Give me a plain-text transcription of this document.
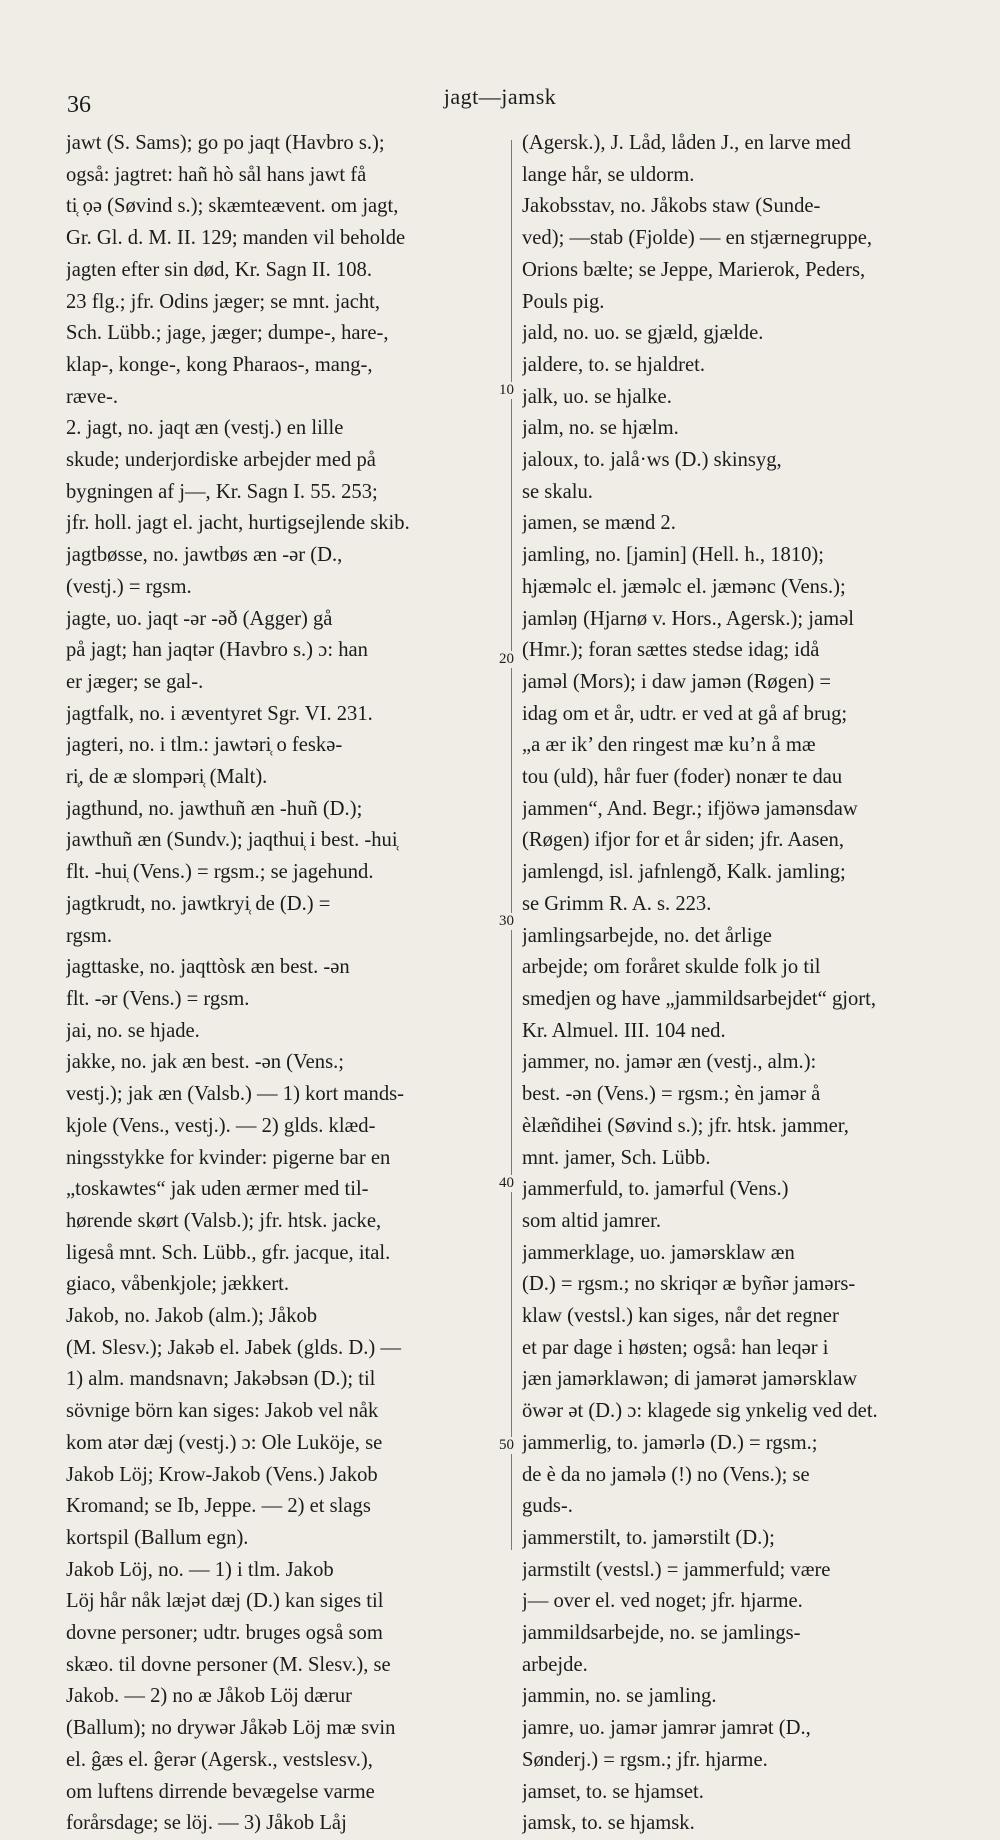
36	jagt—jamsk
10
20
30
40
50

jawt (S. Sams); go po jaqt (Havbro s.);

også: jagtret: hañ hò sål hans jawt få

ti̜ ọə (Søvind s.); skæmteævent. om jagt,

Gr. Gl. d. M. II. 129; manden vil beholde

jagten efter sin død, Kr. Sagn II. 108.

23 flg.; jfr. Odins jæger; se mnt. jacht,

Sch. Lübb.; jage, jæger; dumpe-, hare-,

klap-, konge-, kong Pharaos-, mang-,

ræve-.

2. jagt, no. jaqt æn (vestj.) en lille

skude; underjordiske arbejder med på

bygningen af j—, Kr. Sagn I. 55. 253;

jfr. holl. jagt el. jacht, hurtigsejlende skib.

jagtbøsse, no. jawtbøs æn -ər (D.,

(vestj.) = rgsm.

jagte, uo. jaqt -ər -əð (Agger) gå

på jagt; han jaqtər (Havbro s.) ɔ: han

er jæger; se gal-.

jagtfalk, no. i æventyret Sgr. VI. 231.

jagteri, no. i tlm.: jawtəri̜ o feskə-

ri̜, de æ slompəri̜ (Malt).

jagthund, no. jawthuñ æn -huñ (D.);

jawthuñ æn (Sundv.); jaqthui̜ i best. -hui̜

flt. -hui̜ (Vens.) = rgsm.; se jagehund.

jagtkrudt, no. jawtkryi̜ de (D.) =

rgsm.

jagttaske, no. jaqttòsk æn best. -ən

flt. -ər (Vens.) = rgsm.

jai, no. se hjade.

jakke, no. jak æn best. -ən (Vens.;

vestj.); jak æn (Valsb.) — 1) kort mands-

kjole (Vens., vestj.). — 2) glds. klæd-

ningsstykke for kvinder: pigerne bar en

„toskawtes“ jak uden ærmer med til-

hørende skørt (Valsb.); jfr. htsk. jacke,

ligeså mnt. Sch. Lübb., gfr. jacque, ital.

giaco, våbenkjole; jækkert.

Jakob, no. Jakob (alm.); Jåkob

(M. Slesv.); Jakəb el. Jabek (glds. D.) —

1) alm. mandsnavn; Jakəbsən (D.); til

sövnige börn kan siges: Jakob vel nåk

kom atər dæj (vestj.) ɔ: Ole Luköje, se

Jakob Löj; Krow-Jakob (Vens.) Jakob

Kromand; se Ib, Jeppe. — 2) et slags

kortspil (Ballum egn).

Jakob Löj, no. — 1) i tlm. Jakob

Löj hår nåk læjət dæj (D.) kan siges til

dovne personer; udtr. bruges også som

skæo. til dovne personer (M. Slesv.), se

Jakob. — 2) no æ Jåkob Löj dærur

(Ballum); no drywər Jåkəb Löj mæ svin

el. ĝæs el. ĝerər (Agersk., vestslesv.),

om luftens dirrende bevægelse varme

forårsdage; se löj. — 3) Jåkob Låj

(Agersk.), J. Låd, låden J., en larve med

lange hår, se uldorm.

Jakobsstav, no. Jåkobs staw (Sunde-

ved); —stab (Fjolde) — en stjærnegruppe,

Orions bælte; se Jeppe, Marierok, Peders,

Pouls pig.

jald, no. uo. se gjæld, gjælde.

jaldere, to. se hjaldret.

jalk, uo. se hjalke.

jalm, no. se hjælm.

jaloux, to. jalå·ws (D.) skinsyg,

se skalu.

jamen, se mænd 2.

jamling, no. [jamin] (Hell. h., 1810);

hjæməlc el. jæməlc el. jæmənc (Vens.);

jamləŋ (Hjarnø v. Hors., Agersk.); jaməl

(Hmr.); foran sættes stedse idag; idå

jaməl (Mors); i daw jamən (Røgen) =

idag om et år, udtr. er ved at gå af brug;

„a ær ik’ den ringest mæ ku’n å mæ

tou (uld), hår fuer (foder) nonær te dau

jammen“, And. Begr.; ifjöwə jamənsdaw

(Røgen) ifjor for et år siden; jfr. Aasen,

jamlengd, isl. jafnlengð, Kalk. jamling;

se Grimm R. A. s. 223.

jamlingsarbejde, no. det årlige

arbejde; om foråret skulde folk jo til

smedjen og have „jammildsarbejdet“ gjort,

Kr. Almuel. III. 104 ned.

jammer, no. jamər æn (vestj., alm.):

best. -ən (Vens.) = rgsm.; èn jamər å

èlæñdihei (Søvind s.); jfr. htsk. jammer,

mnt. jamer, Sch. Lübb.

jammerfuld, to. jamərful (Vens.)

som altid jamrer.

jammerklage, uo. jamərsklaw æn

(D.) = rgsm.; no skriqər æ byñər jamərs-

klaw (vestsl.) kan siges, når det regner

et par dage i høsten; også: han leqər i

jæn jamərklawən; di jamərət jamərsklaw

öwər ət (D.) ɔ: klagede sig ynkelig ved det.

jammerlig, to. jamərlə (D.) = rgsm.;

de è da no jamələ (!) no (Vens.); se

guds-.

jammerstilt, to. jamərstilt (D.);

jarmstilt (vestsl.) = jammerfuld; være

j— over el. ved noget; jfr. hjarme.

jammildsarbejde, no. se jamlings-

arbejde.

jammin, no. se jamling.

jamre, uo. jamər jamrər jamrət (D.,

Sønderj.) = rgsm.; jfr. hjarme.

jamset, to. se hjamset.

jamsk, to. se hjamsk.
